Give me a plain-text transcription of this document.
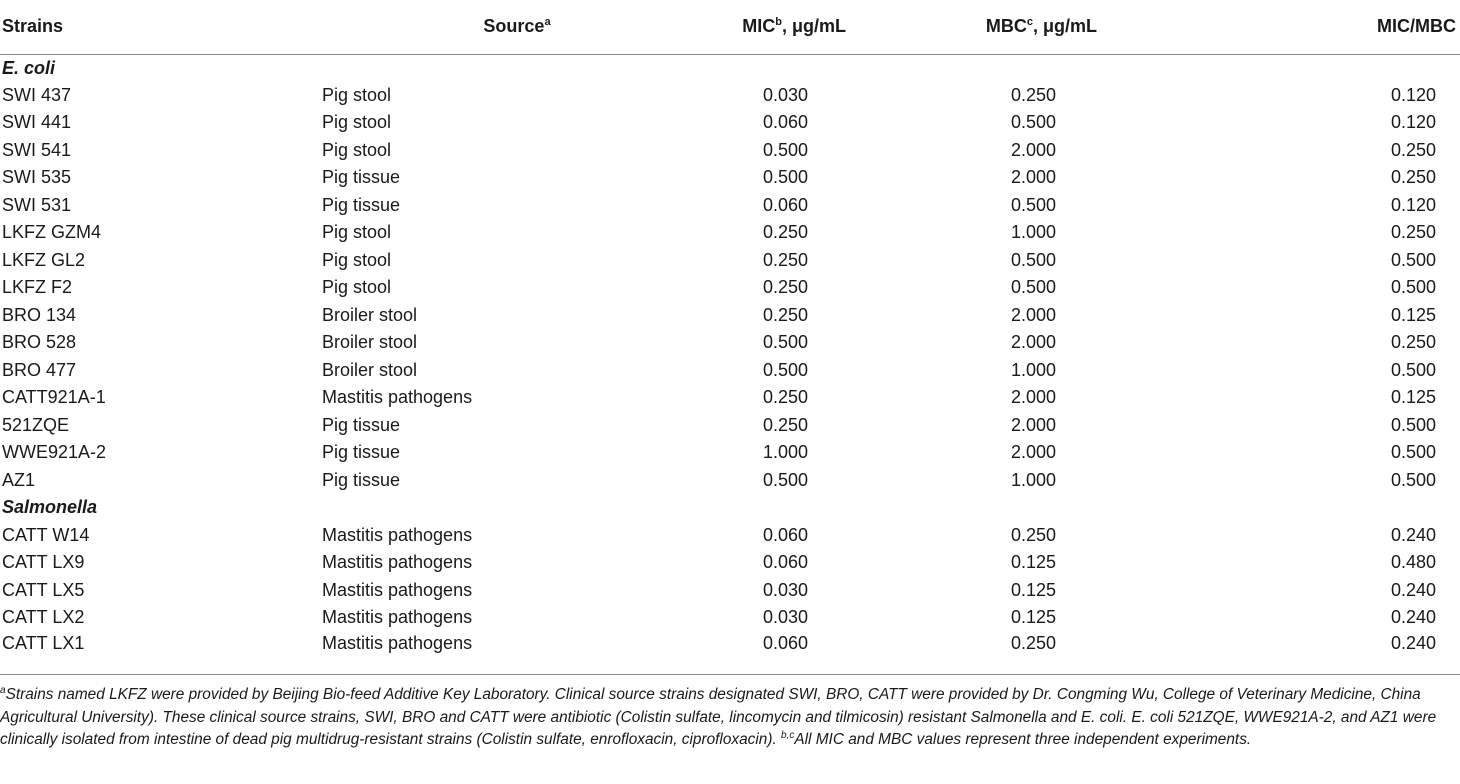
Strains	Source$^a$	MIC$^b$, μg/mL	MBC$^c$, μg/mL	MIC/MBC
E. coli				
SWI 437	Pig stool	0.030	0.250	0.120
SWI 441	Pig stool	0.060	0.500	0.120
SWI 541	Pig stool	0.500	2.000	0.250
SWI 535	Pig tissue	0.500	2.000	0.250
SWI 531	Pig tissue	0.060	0.500	0.120
LKFZ GZM4	Pig stool	0.250	1.000	0.250
LKFZ GL2	Pig stool	0.250	0.500	0.500
LKFZ F2	Pig stool	0.250	0.500	0.500
BRO 134	Broiler stool	0.250	2.000	0.125
BRO 528	Broiler stool	0.500	2.000	0.250
BRO 477	Broiler stool	0.500	1.000	0.500
CATT921A-1	Mastitis pathogens	0.250	2.000	0.125
521ZQE	Pig tissue	0.250	2.000	0.500
WWE921A-2	Pig tissue	1.000	2.000	0.500
AZ1	Pig tissue	0.500	1.000	0.500
Salmonella				
CATT W14	Mastitis pathogens	0.060	0.250	0.240
CATT LX9	Mastitis pathogens	0.060	0.125	0.480
CATT LX5	Mastitis pathogens	0.030	0.125	0.240
CATT LX2	Mastitis pathogens	0.030	0.125	0.240
CATT LX1	Mastitis pathogens	0.060	0.250	0.240
$^a$Strains named LKFZ were provided by Beijing Bio-feed Additive Key Laboratory. Clinical source strains designated SWI, BRO, CATT were provided by Dr. Congming Wu, College of Veterinary Medicine, China Agricultural University). These clinical source strains, SWI, BRO and CATT were antibiotic (Colistin sulfate, lincomycin and tilmicosin) resistant Salmonella and E. coli. E. coli 521ZQE, WWE921A-2, and AZ1 were clinically isolated from intestine of dead pig multidrug-resistant strains (Colistin sulfate, enrofloxacin, ciprofloxacin). $^{b,c}$All MIC and MBC values represent three independent experiments.
